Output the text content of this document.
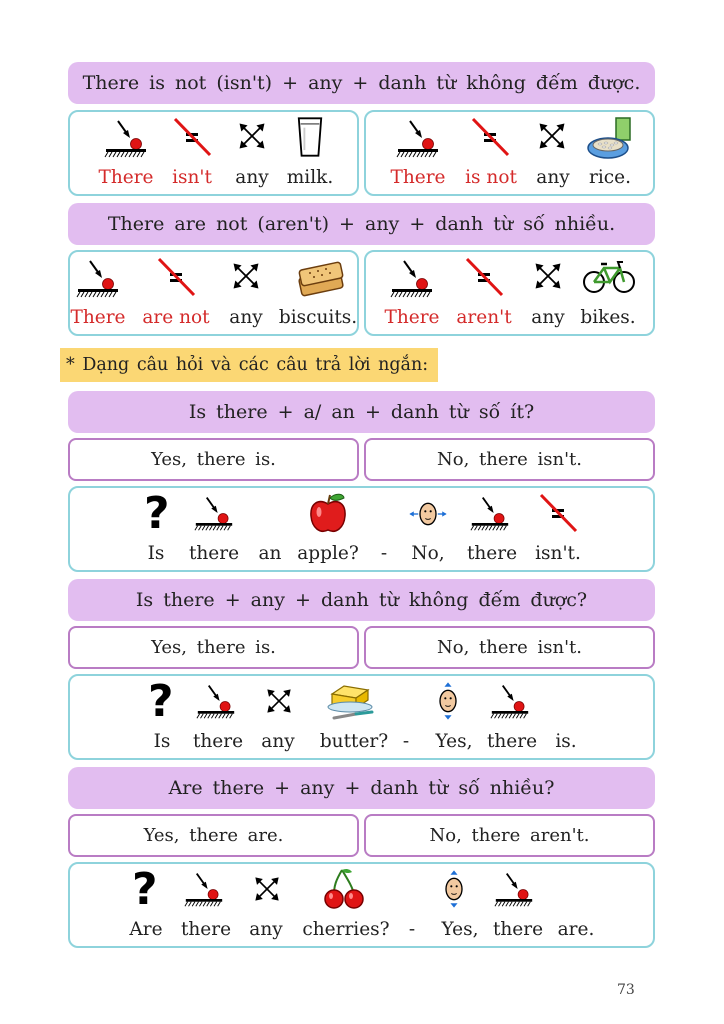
There is not (isn't) + any + danh từ không đếm được.
There isn't any milk.	There is not any rice.
There are not (aren't) + any + danh từ số nhiều.
There are not any biscuits. There aren't any bikes.
* Dạng câu hỏi và các câu trả lời ngắn:
Is there + a/ an + danh từ số ít?
Yes, there is.	No, there isn't.
?
Is there an apple? - No, there isn't.
Is there + any + danh từ không đếm được?
Yes, there is.	No, there isn't.
?
Is there any butter? - Yes, there is.
Are there + any + danh từ số nhiều?
Yes, there are.	No, there aren't.
?
Are there any cherries? - Yes, there are.
73
